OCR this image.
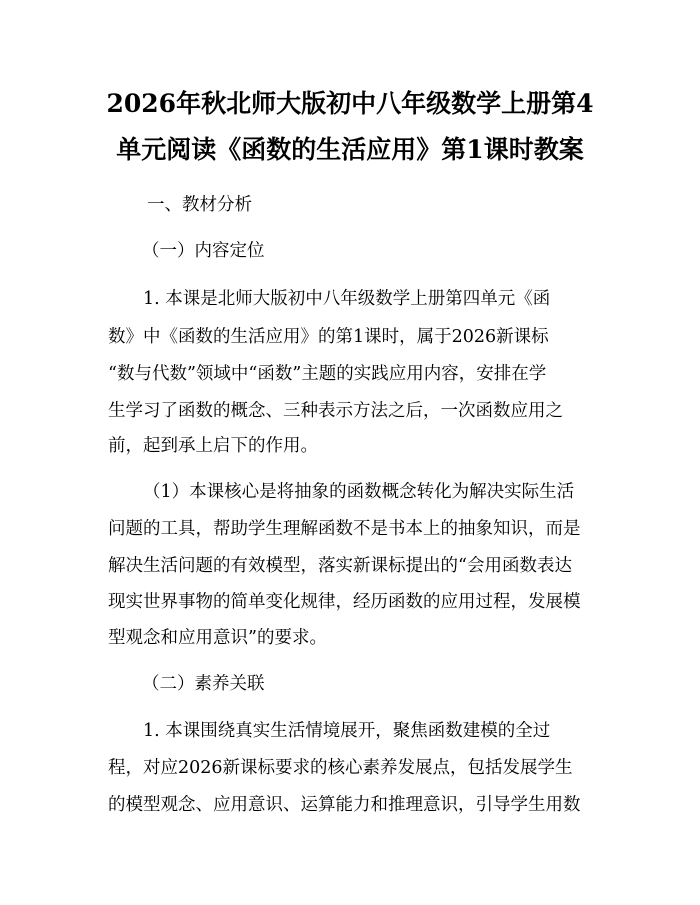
2026年秋北师大版初中八年级数学上册第4
单元阅读《函数的生活应用》第1课时教案
一、教材分析
（一）内容定位
1. 本课是北师大版初中八年级数学上册第四单元《函
数》中《函数的生活应用》的第1课时，属于2026新课标
“数与代数”领域中“函数”主题的实践应用内容，安排在学
生学习了函数的概念、三种表示方法之后，一次函数应用之
前，起到承上启下的作用。
（1）本课核心是将抽象的函数概念转化为解决实际生活
问题的工具，帮助学生理解函数不是书本上的抽象知识，而是
解决生活问题的有效模型，落实新课标提出的“会用函数表达
现实世界事物的简单变化规律，经历函数的应用过程，发展模
型观念和应用意识”的要求。
（二）素养关联
1. 本课围绕真实生活情境展开，聚焦函数建模的全过
程，对应2026新课标要求的核心素养发展点，包括发展学生
的模型观念、应用意识、运算能力和推理意识，引导学生用数
